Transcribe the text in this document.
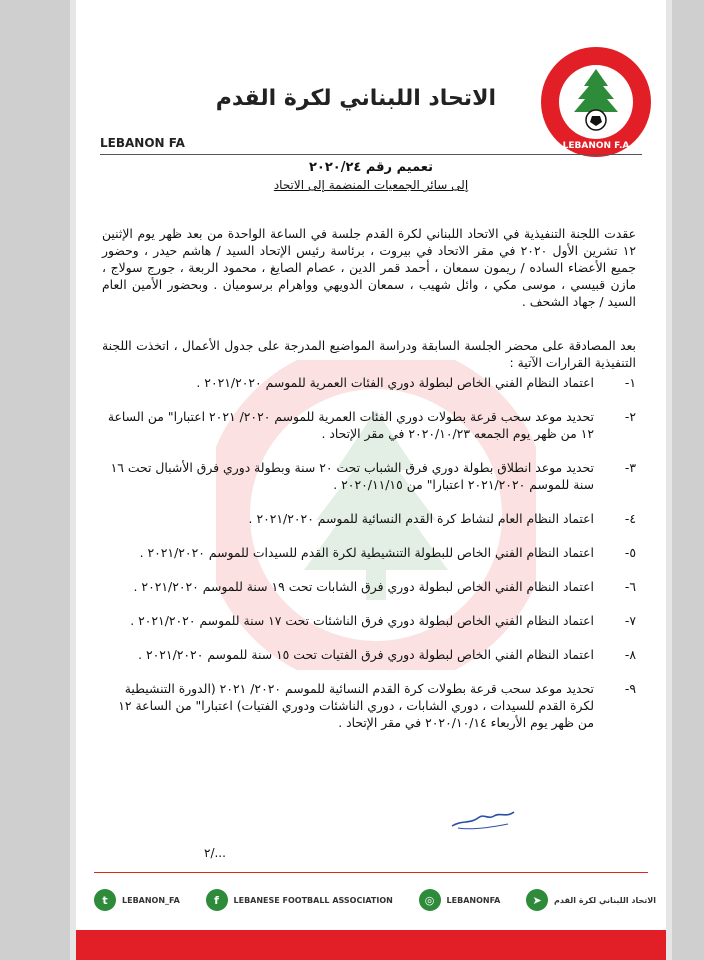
LEBANON F.A
الاتحاد اللبناني لكرة القدم
LEBANON FA
تعميم رقم ٢٠٢٠/٢٤
إلى سائر الجمعيات المنضمة إلى الاتحاد

عقدت اللجنة التنفيذية في الاتحاد اللبناني لكرة القدم جلسة في الساعة الواحدة من بعد ظهر يوم الإثنين ١٢ تشرين الأول ٢٠٢٠ في مقر الاتحاد في بيروت ، برئاسة رئيس الإتحاد السيد / هاشم حيدر ، وحضور جميع الأعضاء الساده / ريمون سمعان ، أحمد قمر الدين ، عصام الصايغ ، محمود الربعة ، جورج سولاج ، مازن قبيسي ، موسى مكي ، وائل شهيب ، سمعان الدويهي وواهرام برسوميان . وبحضور الأمين العام السيد / جهاد الشحف .

بعد المصادقة على محضر الجلسة السابقة ودراسة المواضيع المدرجة على جدول الأعمال ، اتخذت اللجنة التنفيذية القرارات الآتية :

١-
اعتماد النظام الفني الخاص لبطولة دوري الفئات العمرية للموسم ٢٠٢١/٢٠٢٠ .
٢-
تحديد موعد سحب قرعة بطولات دوري الفئات العمرية للموسم ٢٠٢٠/ ٢٠٢١ اعتبارا" من الساعة ١٢ من ظهر يوم الجمعه ٢٠٢٠/١٠/٢٣ في مقر الإتحاد .
٣-
تحديد موعد انطلاق بطولة دوري فرق الشباب تحت ٢٠ سنة وبطولة دوري فرق الأشبال تحت ١٦ سنة للموسم ٢٠٢١/٢٠٢٠ اعتبارا" من ٢٠٢٠/١١/١٥ .
٤-
اعتماد النظام العام لنشاط كرة القدم النسائية للموسم ٢٠٢١/٢٠٢٠ .
٥-
اعتماد النظام الفني الخاص للبطولة التنشيطية لكرة القدم للسيدات للموسم ٢٠٢١/٢٠٢٠ .
٦-
اعتماد النظام الفني الخاص لبطولة دوري فرق الشابات تحت ١٩ سنة للموسم ٢٠٢١/٢٠٢٠ .
٧-
اعتماد النظام الفني الخاص لبطولة دوري فرق الناشئات تحت ١٧ سنة للموسم ٢٠٢١/٢٠٢٠ .
٨-
اعتماد النظام الفني الخاص لبطولة دوري فرق الفتيات تحت ١٥ سنة للموسم ٢٠٢١/٢٠٢٠ .
٩-
تحديد موعد سحب قرعة بطولات كرة القدم النسائية للموسم ٢٠٢٠/ ٢٠٢١ (الدورة التنشيطية لكرة القدم للسيدات ، دوري الشابات ، دوري الناشئات ودوري الفتيات) اعتبارا" من الساعة ١٢ من ظهر يوم الأربعاء ٢٠٢٠/١٠/١٤ في مقر الإتحاد .
٢/...
t	LEBANON_FA	f	LEBANESE FOOTBALL ASSOCIATION	◎	LEBANONFA	➤	الاتحاد اللبناني لكرة القدم
